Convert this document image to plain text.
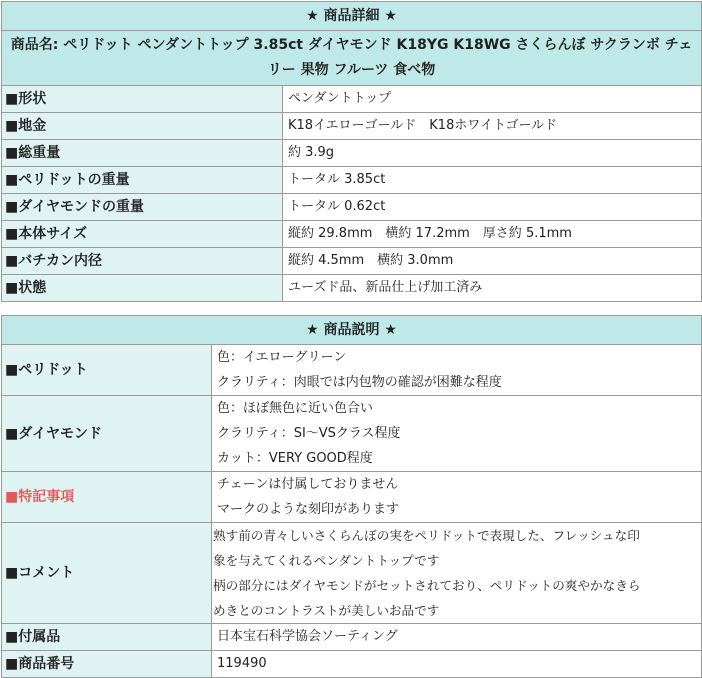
★ 商品詳細 ★	
商品名: ペリドット ペンダントトップ 3.85ct ダイヤモンド K18YG K18WG さくらんぼ サクランボ チェリー 果物 フルーツ 食べ物	
■形状	ペンダントトップ
■地金	K18イエローゴールド　K18ホワイトゴールド
■総重量	約 3.9g
■ペリドットの重量	トータル 3.85ct
■ダイヤモンドの重量	トータル 0.62ct
■本体サイズ	縦約 29.8mm　横約 17.2mm　厚さ約 5.1mm
■バチカン内径	縦約 4.5mm　横約 3.0mm
■状態	ユーズド品、新品仕上げ加工済み
★ 商品説明 ★	
■ペリドット	色：イエローグリーン
クラリティ：肉眼では内包物の確認が困難な程度

■ダイヤモンド	色：ほぼ無色に近い色合い
クラリティ：SI～VSクラス程度
カット：VERY GOOD程度

■特記事項	チェーンは付属しておりません
マークのような刻印があります

■コメント	熟す前の青々しいさくらんぼの実をペリドットで表現した、フレッシュな印
象を与えてくれるペンダントトップです
柄の部分にはダイヤモンドがセットされており、ペリドットの爽やかなきら
めきとのコントラストが美しいお品です

■付属品	日本宝石科学協会ソーティング
■商品番号	119490
